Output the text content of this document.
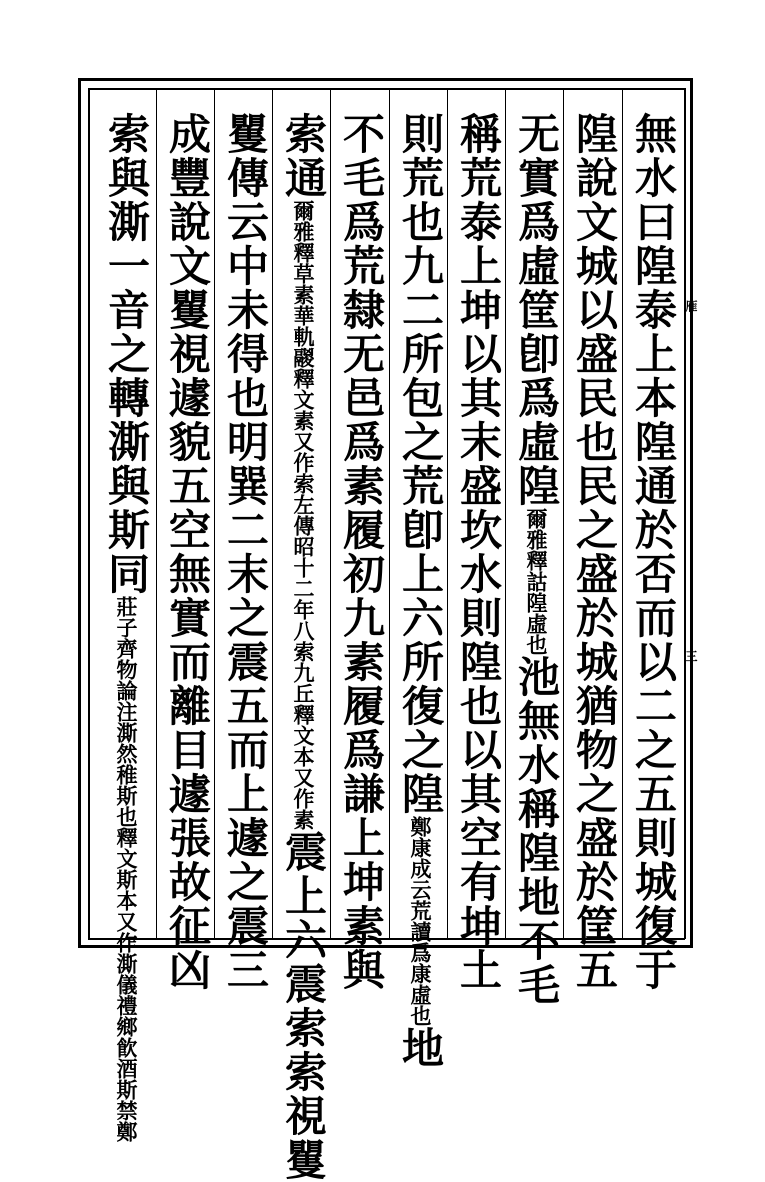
無水曰隍泰上本隍通於否而以二之五則城復于
隍說文城以盛民也民之盛於城猶物之盛於筐五
无實爲虛筐卽爲虛隍爾雅釋詁隍虛也池無水稱隍地不毛
稱荒泰上坤以其末盛坎水則隍也以其空有坤土
則荒也九二所包之荒卽上六所復之隍鄭康成云荒讀爲康虛也地
不毛爲荒隸无邑爲素履初九素履爲謙上坤素與
索通爾雅釋草素華軌鬷釋文素又作索左傳昭十二年八索九丘釋文本又作素震上六震索索視矍
矍傳云中未得也明巽二末之震五而上遽之震三
成豐說文矍視遽貌五空無實而離目遽張故征凶
索與澌一音之轉澌與斯同莊子齊物論注澌然稚斯也釋文斯本又作澌儀禮鄉飮酒斯禁鄭
㕍
三
